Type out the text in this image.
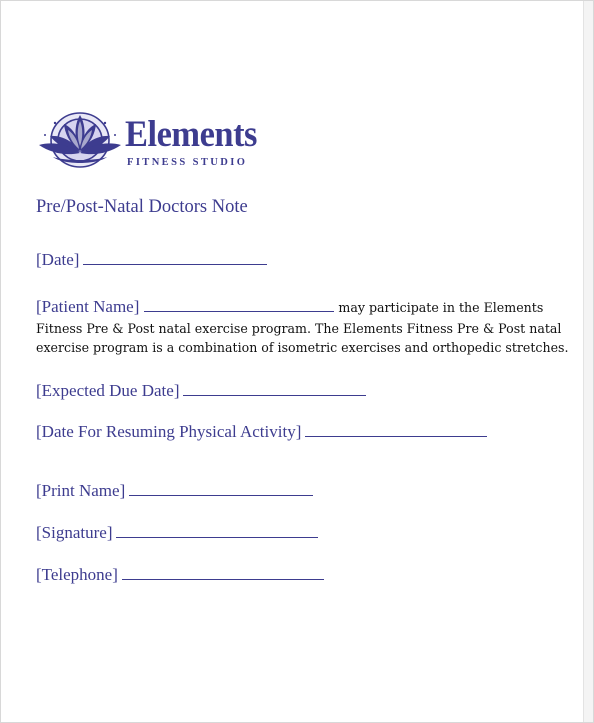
Elements
FITNESS STUDIO
Pre/Post-Natal Doctors Note
[Date]
[Patient Name]	may participate in the Elements
Fitness Pre & Post natal exercise program. The Elements Fitness Pre & Post natal
exercise program is a combination of isometric exercises and orthopedic stretches.
[Expected Due Date]
[Date For Resuming Physical Activity]
[Print Name]
[Signature]
[Telephone]
